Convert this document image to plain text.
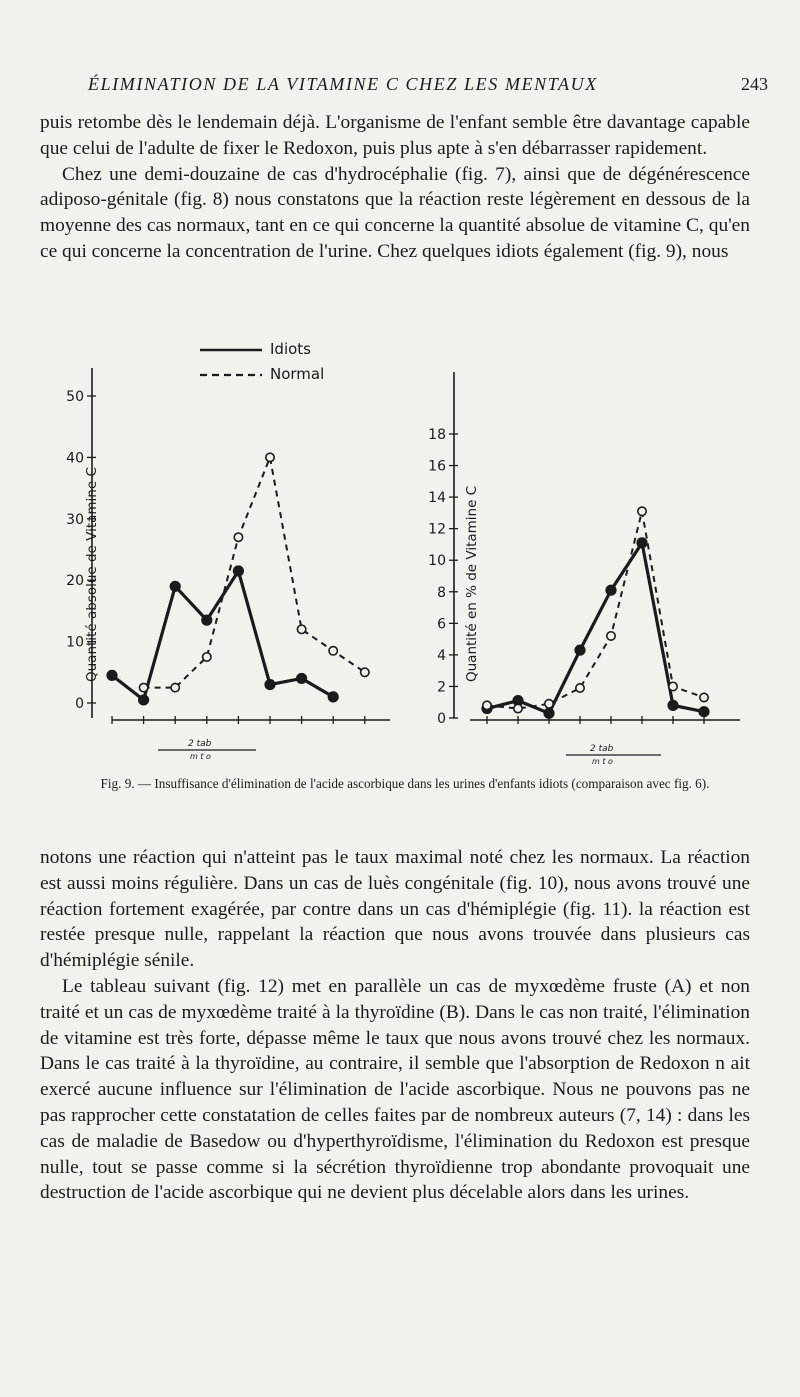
ÉLIMINATION DE LA VITAMINE C CHEZ LES MENTAUX	243

puis retombe dès le lendemain déjà. L'organisme de l'enfant semble être davantage capable que celui de l'adulte de fixer le Redoxon, puis plus apte à s'en débarrasser rapidement.

Chez une demi-douzaine de cas d'hydrocéphalie (fig. 7), ainsi que de dégénérescence adiposo-génitale (fig. 8) nous constatons que la réaction reste légèrement en dessous de la moyenne des cas normaux, tant en ce qui concerne la quantité absolue de vitamine C, qu'en ce qui concerne la concentration de l'urine. Chez quelques idiots également (fig. 9), nous

Idiots
Normal
Quantité absolue de Vitamine C
50
40
30
20
10
0
2 tab
m t o
Quantité en % de Vitamine C
18
16
14
12
10
8
6
4
2
0
2 tab
m t o
Fig. 9. — Insuffisance d'élimination de l'acide ascorbique dans les urines d'enfants idiots (comparaison avec fig. 6).

notons une réaction qui n'atteint pas le taux maximal noté chez les normaux. La réaction est aussi moins régulière. Dans un cas de luès congénitale (fig. 10), nous avons trouvé une réaction fortement exagérée, par contre dans un cas d'hémiplégie (fig. 11). la réaction est restée presque nulle, rappelant la réaction que nous avons trouvée dans plusieurs cas d'hémiplégie sénile.

Le tableau suivant (fig. 12) met en parallèle un cas de myxœdème fruste (A) et non traité et un cas de myxœdème traité à la thyroïdine (B). Dans le cas non traité, l'élimination de vitamine est très forte, dépasse même le taux que nous avons trouvé chez les normaux. Dans le cas traité à la thyroïdine, au contraire, il semble que l'absorption de Redoxon n ait exercé aucune influence sur l'élimination de l'acide ascorbique. Nous ne pouvons pas ne pas rapprocher cette constatation de celles faites par de nombreux auteurs (7, 14) : dans les cas de maladie de Basedow ou d'hyperthyroïdisme, l'élimination du Redoxon est presque nulle, tout se passe comme si la sécrétion thyroïdienne trop abondante provoquait une destruction de l'acide ascorbique qui ne devient plus décelable alors dans les urines.
